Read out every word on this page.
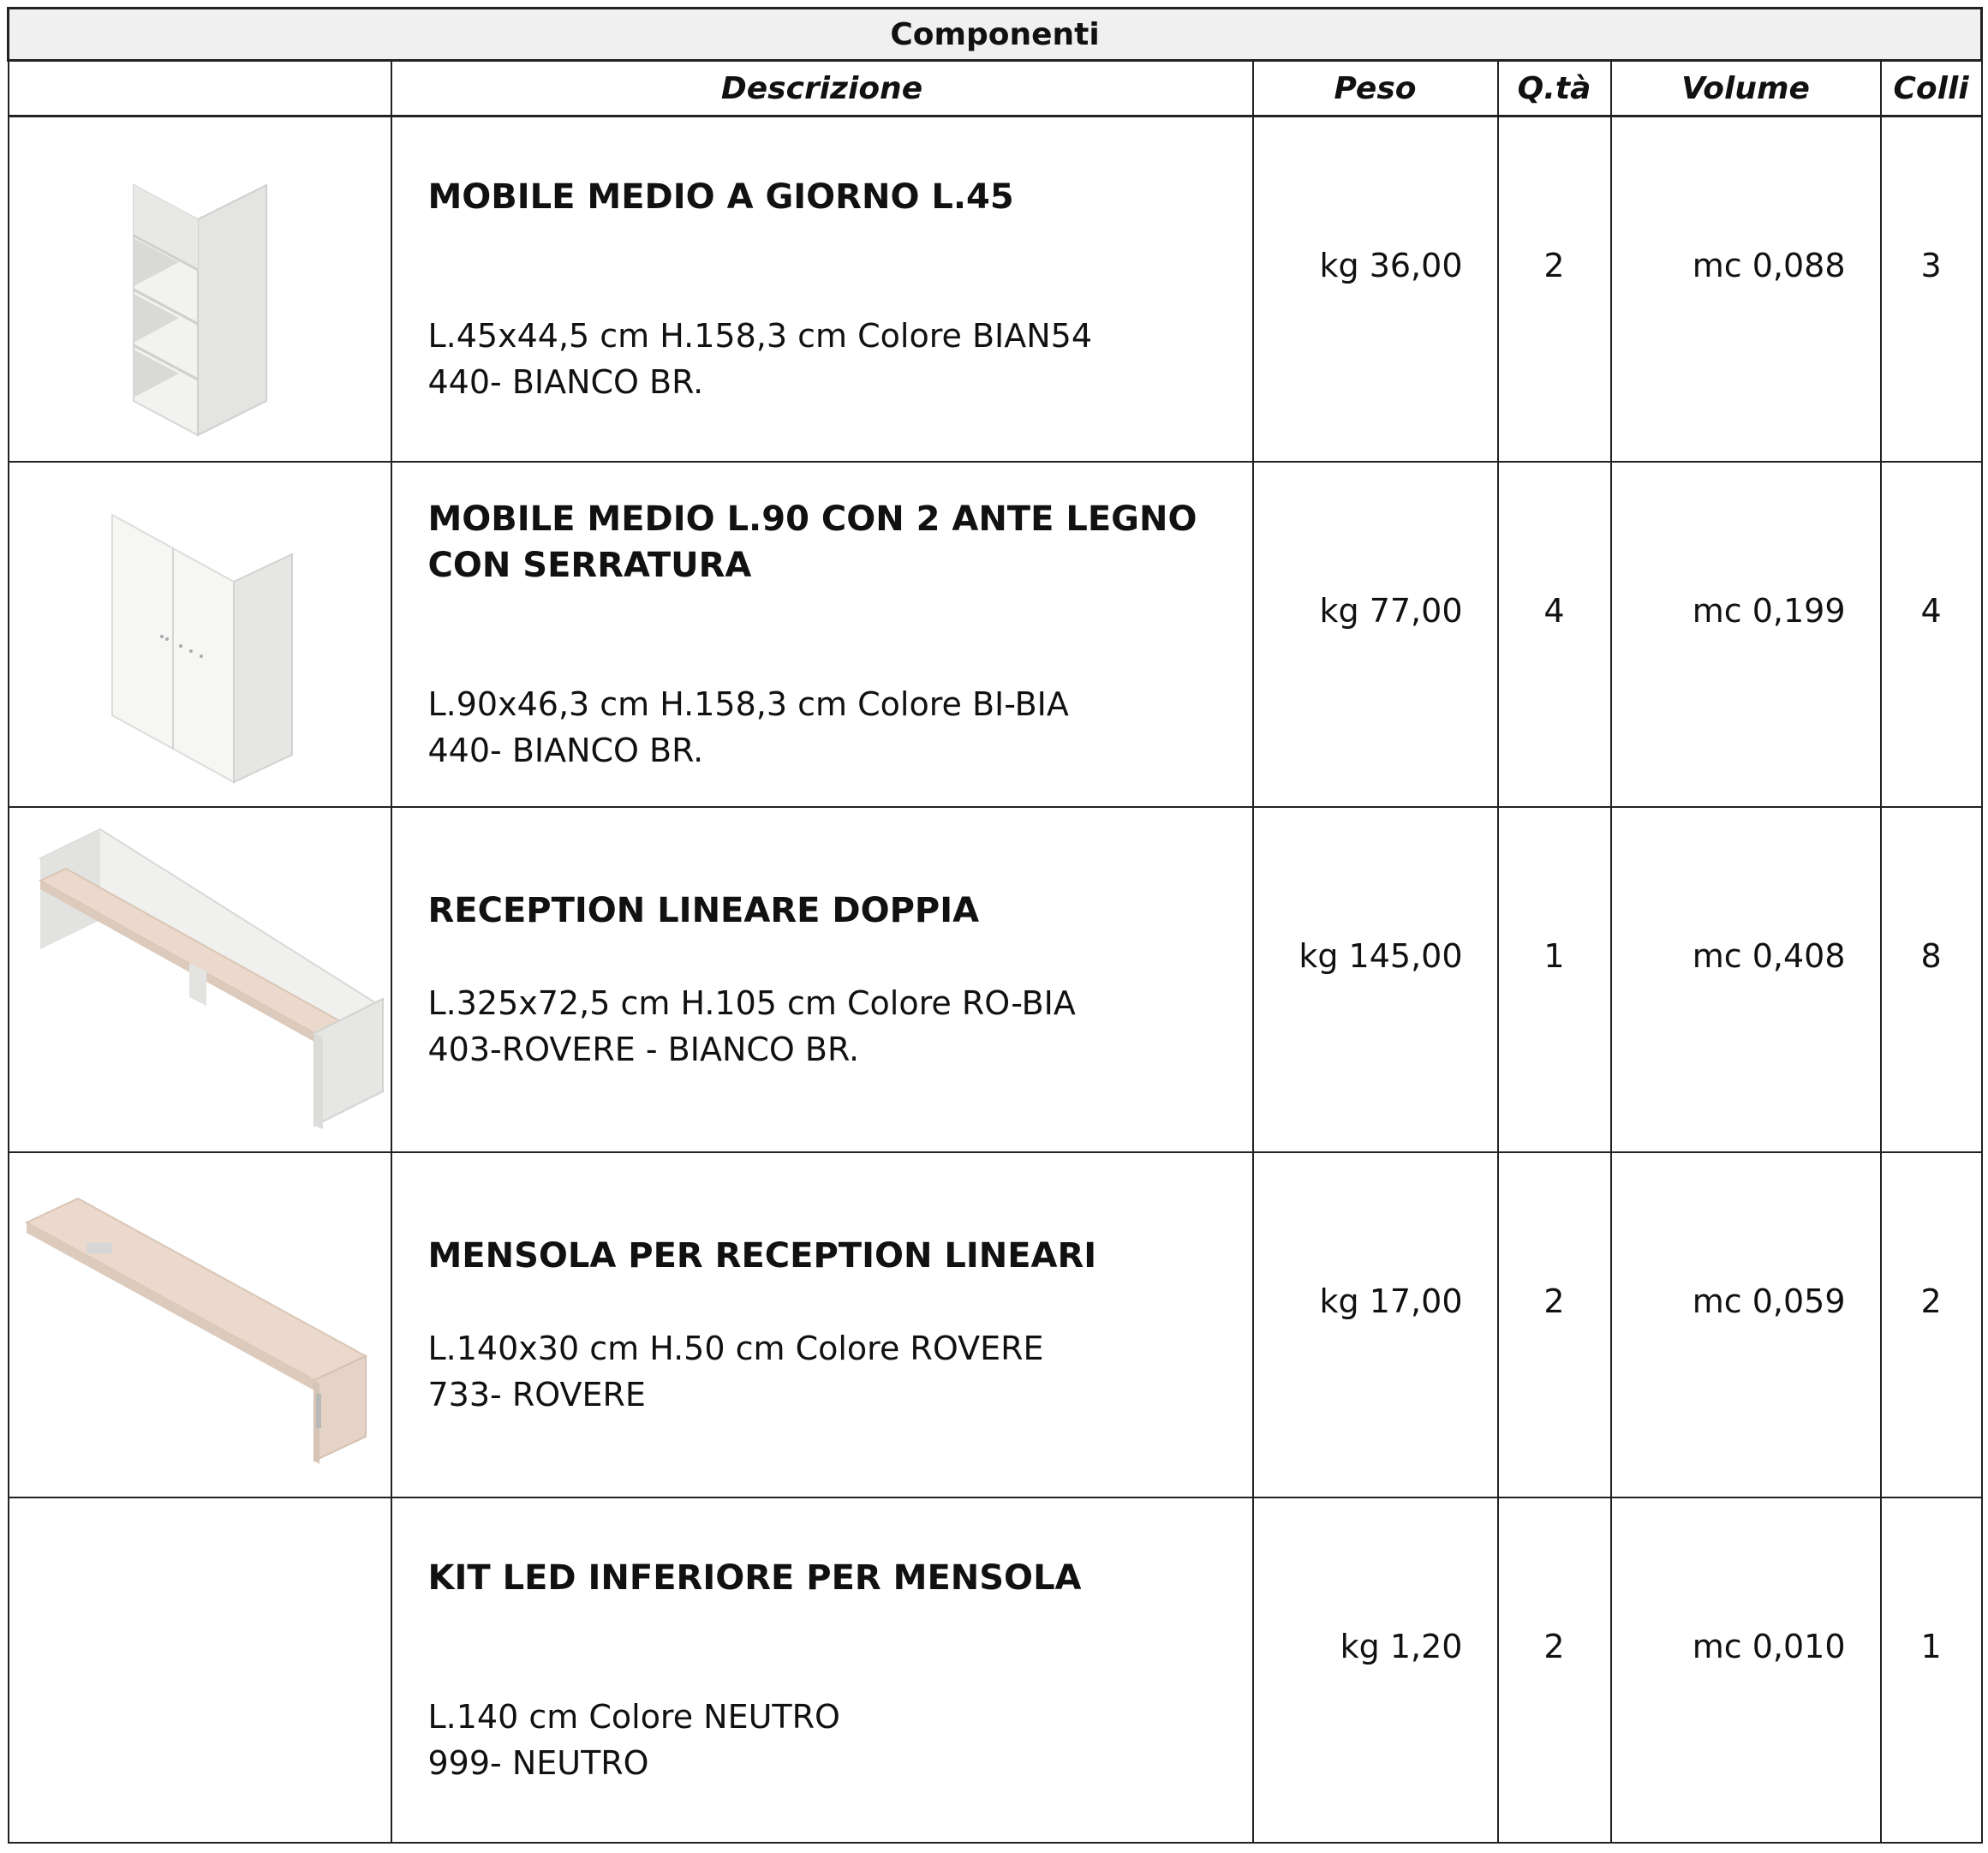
Componenti					
	Descrizione	Peso	Q.tà	Volume	Colli

MOBILE MEDIO A GIORNO L.45
L.45x44,5 cm H.158,3 cm Colore BIAN54
440- BIANCO BR.	kg 36,00	2	mc 0,088	3

MOBILE MEDIO L.90 CON 2 ANTE LEGNO CON SERRATURA
L.90x46,3 cm H.158,3 cm Colore BI-BIA
440- BIANCO BR.	kg 77,00	4	mc 0,199	4

RECEPTION LINEARE DOPPIA
L.325x72,5 cm H.105 cm Colore RO-BIA
403-ROVERE - BIANCO BR.	kg 145,00	1	mc 0,408	8

MENSOLA PER RECEPTION LINEARI
L.140x30 cm H.50 cm Colore ROVERE
733- ROVERE	kg 17,00	2	mc 0,059	2

	KIT LED INFERIORE PER MENSOLA
L.140 cm Colore NEUTRO
999- NEUTRO	kg 1,20	2	mc 0,010	1
